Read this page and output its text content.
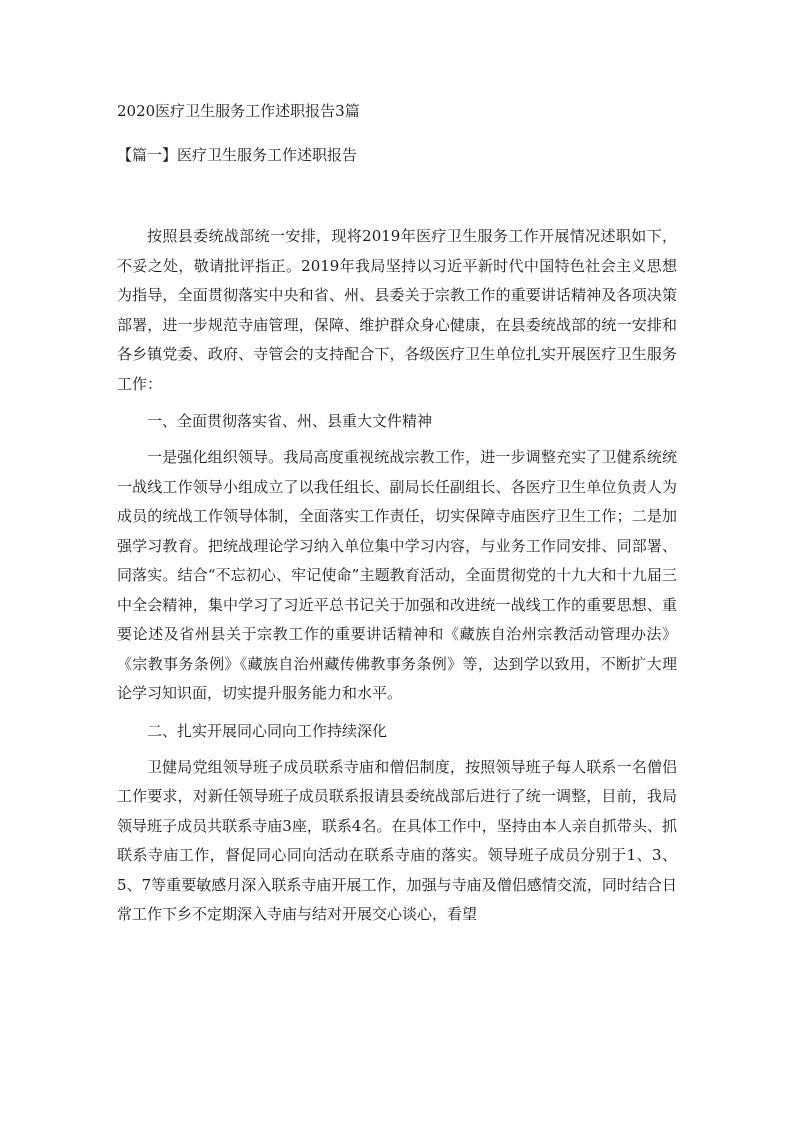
2020医疗卫生服务工作述职报告3篇
【篇一】医疗卫生服务工作述职报告

按照县委统战部统一安排，现将2019年医疗卫生服务工作开展情况述职如下，不妥之处，敬请批评指正。2019年我局坚持以习近平新时代中国特色社会主义思想为指导，全面贯彻落实中央和省、州、县委关于宗教工作的重要讲话精神及各项决策部署，进一步规范寺庙管理，保障、维护群众身心健康，在县委统战部的统一安排和各乡镇党委、政府、寺管会的支持配合下，各级医疗卫生单位扎实开展医疗卫生服务工作：

一、全面贯彻落实省、州、县重大文件精神

一是强化组织领导。我局高度重视统战宗教工作，进一步调整充实了卫健系统统一战线工作领导小组成立了以我任组长、副局长任副组长、各医疗卫生单位负责人为成员的统战工作领导体制，全面落实工作责任，切实保障寺庙医疗卫生工作；二是加强学习教育。把统战理论学习纳入单位集中学习内容，与业务工作同安排、同部署、同落实。结合“不忘初心、牢记使命”主题教育活动，全面贯彻党的十九大和十九届三中全会精神，集中学习了习近平总书记关于加强和改进统一战线工作的重要思想、重要论述及省州县关于宗教工作的重要讲话精神和《藏族自治州宗教活动管理办法》《宗教事务条例》《藏族自治州藏传佛教事务条例》等，达到学以致用，不断扩大理论学习知识面，切实提升服务能力和水平。

二、扎实开展同心同向工作持续深化

卫健局党组领导班子成员联系寺庙和僧侣制度，按照领导班子每人联系一名僧侣工作要求，对新任领导班子成员联系报请县委统战部后进行了统一调整，目前，我局领导班子成员共联系寺庙3座，联系4名。在具体工作中，坚持由本人亲自抓带头、抓联系寺庙工作，督促同心同向活动在联系寺庙的落实。领导班子成员分别于1、3、5、7等重要敏感月深入联系寺庙开展工作，加强与寺庙及僧侣感情交流，同时结合日常工作下乡不定期深入寺庙与结对开展交心谈心，看望
